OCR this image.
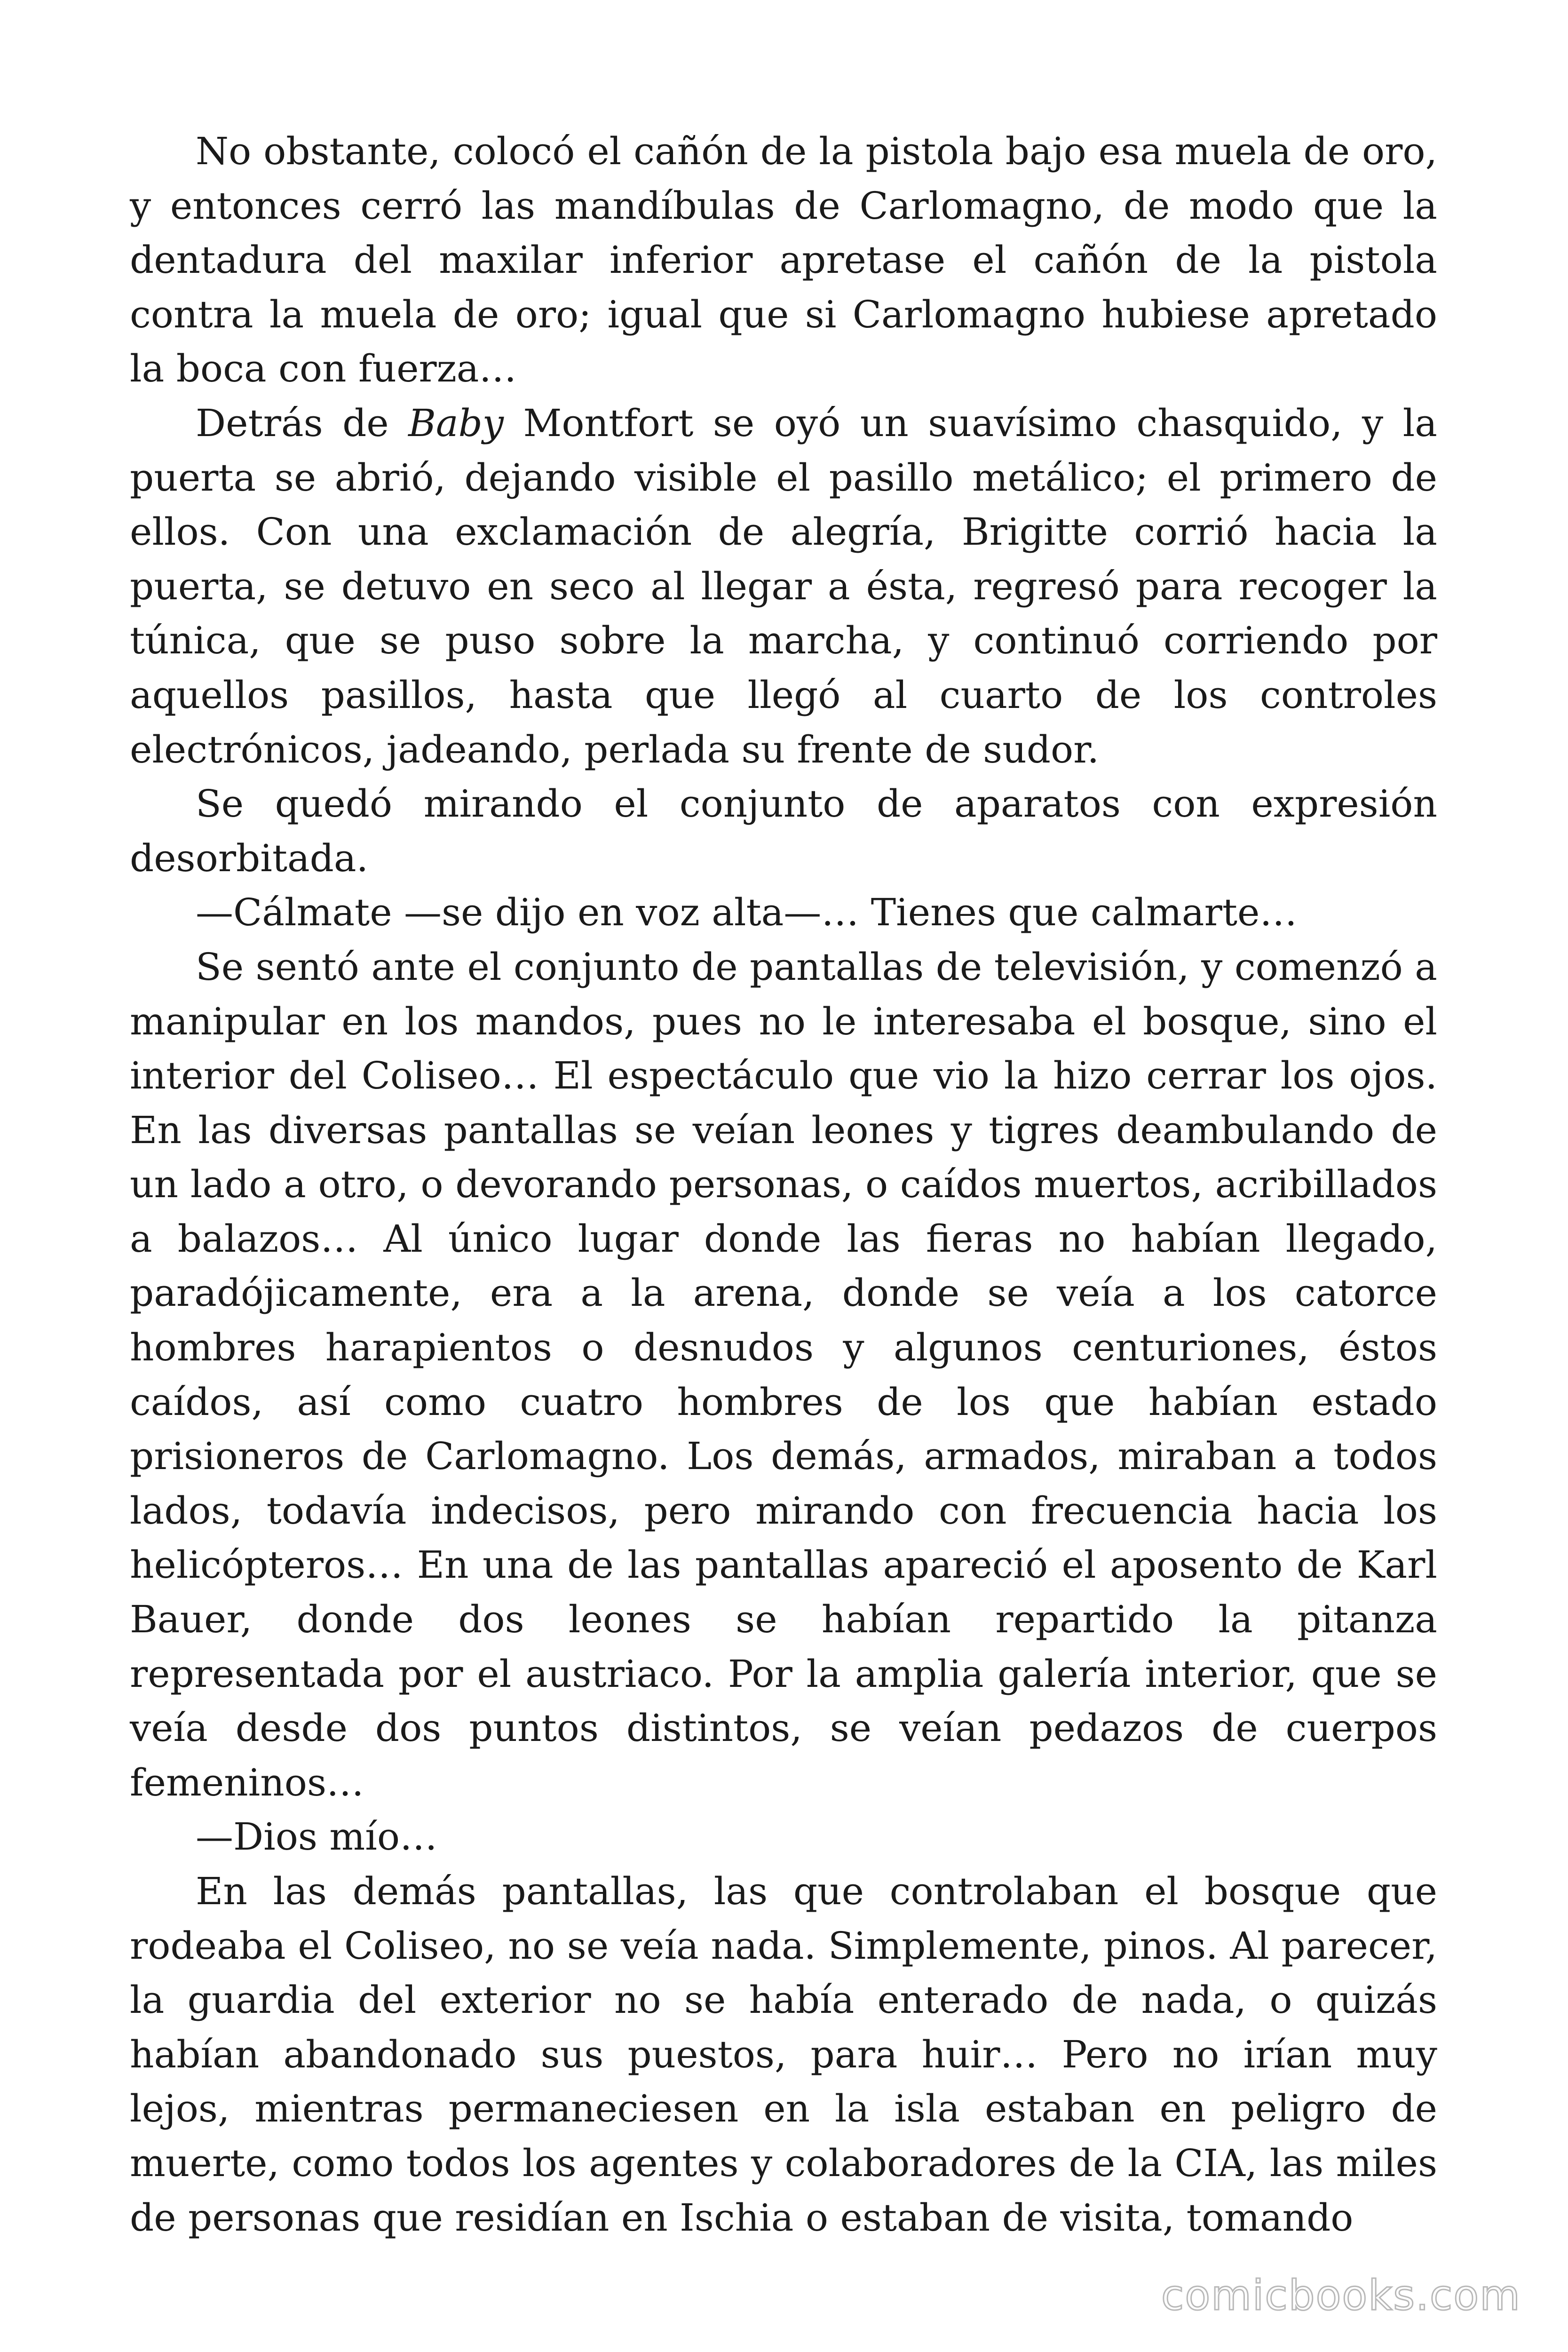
No obstante, colocó el cañón de la pistola bajo esa muela de oro, y entonces cerró las mandíbulas de Carlomagno, de modo que la dentadura del maxilar inferior apretase el cañón de la pistola contra la muela de oro; igual que si Carlomagno hubiese apretado la boca con fuerza…

Detrás de Baby Montfort se oyó un suavísimo chasquido, y la puerta se abrió, dejando visible el pasillo metálico; el primero de ellos. Con una exclamación de alegría, Brigitte corrió hacia la puerta, se detuvo en seco al llegar a ésta, regresó para recoger la túnica, que se puso sobre la marcha, y continuó corriendo por aquellos pasillos, hasta que llegó al cuarto de los controles electrónicos, jadeando, perlada su frente de sudor.

Se quedó mirando el conjunto de aparatos con expresión desorbitada.

—Cálmate —se dijo en voz alta—… Tienes que calmarte…

Se sentó ante el conjunto de pantallas de televisión, y comenzó a manipular en los mandos, pues no le interesaba el bosque, sino el interior del Coliseo… El espectáculo que vio la hizo cerrar los ojos. En las diversas pantallas se veían leones y tigres deambulando de un lado a otro, o devorando personas, o caídos muertos, acribillados a balazos… Al único lugar donde las fieras no habían llegado, paradójicamente, era a la arena, donde se veía a los catorce hombres harapientos o desnudos y algunos centuriones, éstos caídos, así como cuatro hombres de los que habían estado prisioneros de Carlomagno. Los demás, armados, miraban a todos lados, todavía indecisos, pero mirando con frecuencia hacia los helicópteros… En una de las pantallas apareció el aposento de Karl Bauer, donde dos leones se habían repartido la pitanza representada por el austriaco. Por la amplia galería interior, que se veía desde dos puntos distintos, se veían pedazos de cuerpos femeninos…

—Dios mío…

En las demás pantallas, las que controlaban el bosque que rodeaba el Coliseo, no se veía nada. Simplemente, pinos. Al parecer, la guardia del exterior no se había enterado de nada, o quizás habían abandonado sus puestos, para huir… Pero no irían muy lejos, mientras permaneciesen en la isla estaban en peligro de muerte, como todos los agentes y colaboradores de la CIA, las miles de personas que residían en Ischia o estaban de visita, tomando

comicbooks.com
